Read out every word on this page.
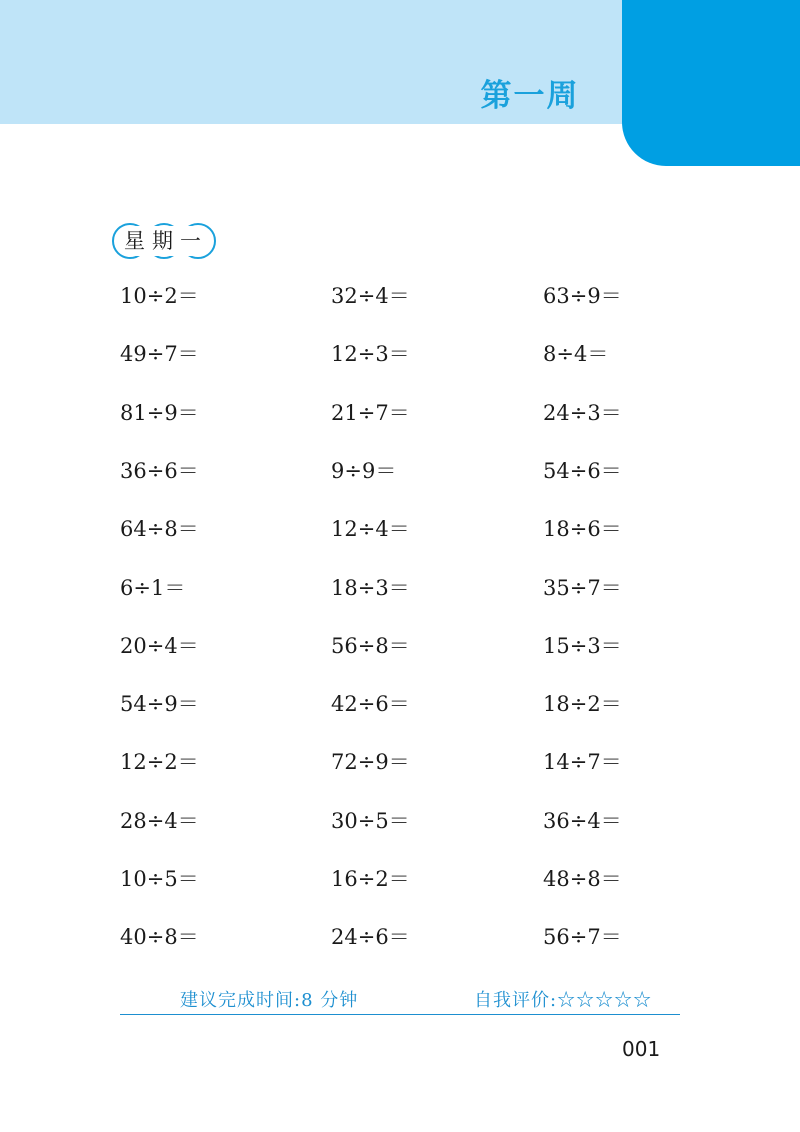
第一周
星期一
10÷2＝	32÷4＝	63÷9＝
49÷7＝	12÷3＝	8÷4＝
81÷9＝	21÷7＝	24÷3＝
36÷6＝	9÷9＝	54÷6＝
64÷8＝	12÷4＝	18÷6＝
6÷1＝	18÷3＝	35÷7＝
20÷4＝	56÷8＝	15÷3＝
54÷9＝	42÷6＝	18÷2＝
12÷2＝	72÷9＝	14÷7＝
28÷4＝	30÷5＝	36÷4＝
10÷5＝	16÷2＝	48÷8＝
40÷8＝	24÷6＝	56÷7＝
建议完成时间:8 分钟	自我评价:☆☆☆☆☆
001
